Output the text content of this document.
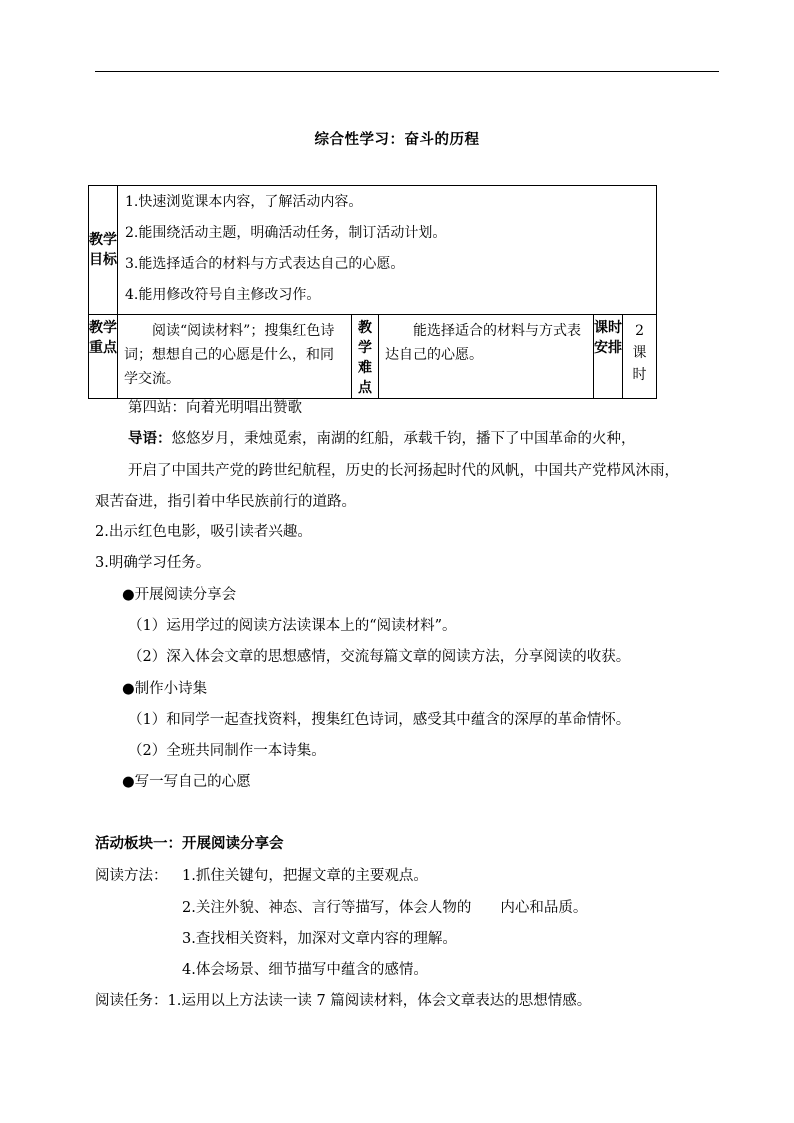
综合性学习：奋斗的历程
教学目标	1.快速浏览课本内容，了解活动内容。
2.能围绕活动主题，明确活动任务，制订活动计划。
3.能选择适合的材料与方式表达自己的心愿。
4.能用修改符号自主修改习作。				

教学重点	阅读“阅读材料”；搜集红色诗词；想想自己的心愿是什么，和同学交流。	教学难点	能选择适合的材料与方式表达自己的心愿。	课时安排	2
课时
第四站：向着光明唱出赞歌
导语：悠悠岁月，秉烛觅索，南湖的红船，承载千钧，播下了中国革命的火种，
开启了中国共产党的跨世纪航程，历史的长河扬起时代的风帆，中国共产党栉风沐雨，
艰苦奋进，指引着中华民族前行的道路。
2.出示红色电影，吸引读者兴趣。
3.明确学习任务。
●开展阅读分享会
（1）运用学过的阅读方法读课本上的“阅读材料”。
（2）深入体会文章的思想感情，交流每篇文章的阅读方法，分享阅读的收获。
●制作小诗集
（1）和同学一起查找资料，搜集红色诗词，感受其中蕴含的深厚的革命情怀。
（2）全班共同制作一本诗集。
●写一写自己的心愿
活动板块一：开展阅读分享会
阅读方法： 1.抓住关键句，把握文章的主要观点。
2.关注外貌、神态、言行等描写，体会人物的　　内心和品质。
3.查找相关资料，加深对文章内容的理解。
4.体会场景、细节描写中蕴含的感情。
阅读任务：1.运用以上方法读一读 7 篇阅读材料，体会文章表达的思想情感。
